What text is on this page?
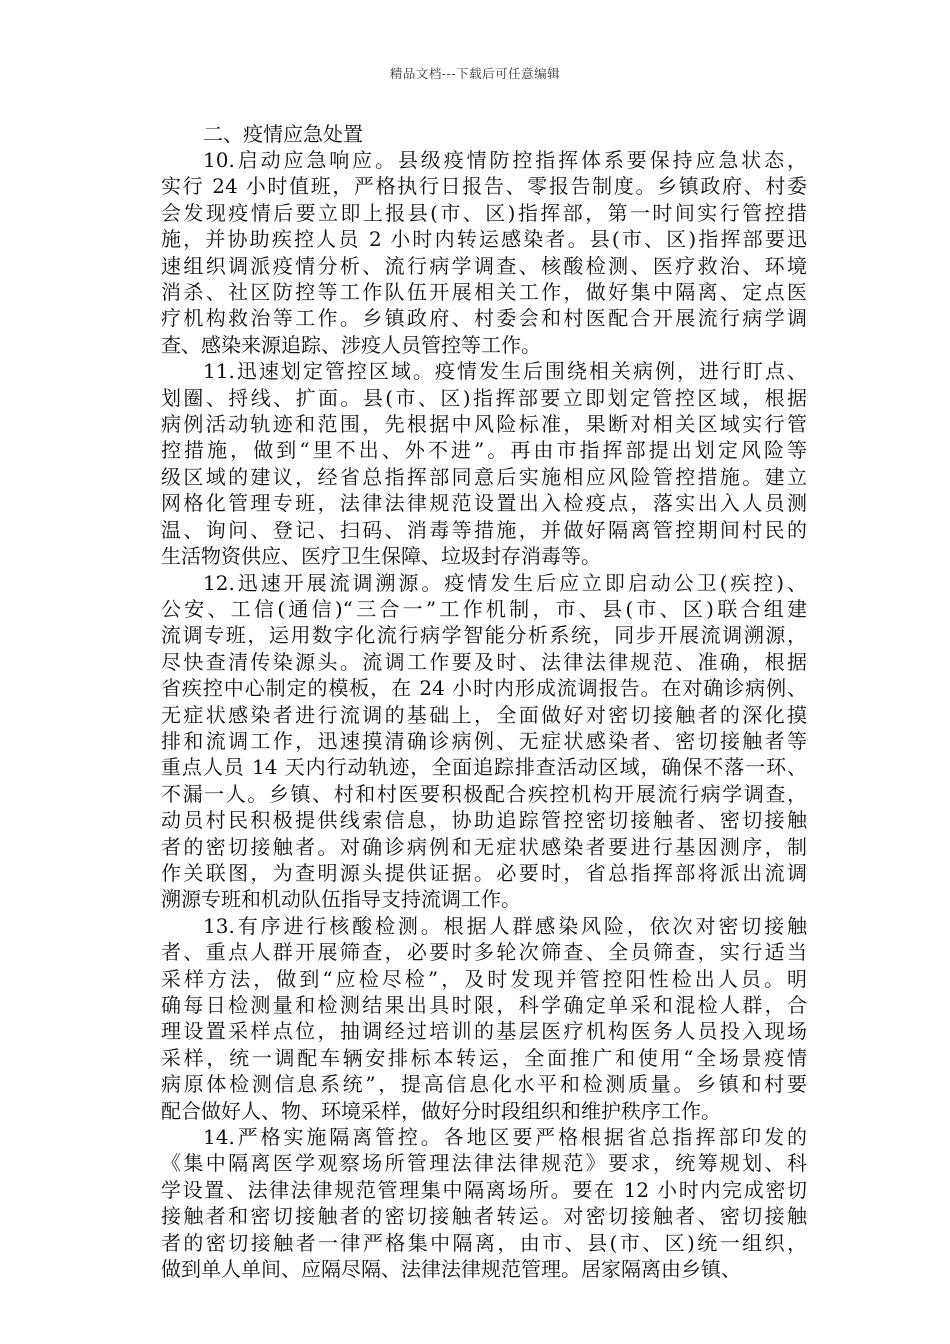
精品文档---下载后可任意编辑
二、疫情应急处置
10.启动应急响应。县级疫情防控指挥体系要保持应急状态，
实行 24 小时值班，严格执行日报告、零报告制度。乡镇政府、村委
会发现疫情后要立即上报县(市、区)指挥部，第一时间实行管控措
施，并协助疾控人员 2 小时内转运感染者。县(市、区)指挥部要迅
速组织调派疫情分析、流行病学调查、核酸检测、医疗救治、环境
消杀、社区防控等工作队伍开展相关工作，做好集中隔离、定点医
疗机构救治等工作。乡镇政府、村委会和村医配合开展流行病学调
查、感染来源追踪、涉疫人员管控等工作。
11.迅速划定管控区域。疫情发生后围绕相关病例，进行盯点、
划圈、捋线、扩面。县(市、区)指挥部要立即划定管控区域，根据
病例活动轨迹和范围，先根据中风险标准，果断对相关区域实行管
控措施，做到“里不出、外不进”。再由市指挥部提出划定风险等
级区域的建议，经省总指挥部同意后实施相应风险管控措施。建立
网格化管理专班，法律法律规范设置出入检疫点，落实出入人员测
温、询问、登记、扫码、消毒等措施，并做好隔离管控期间村民的
生活物资供应、医疗卫生保障、垃圾封存消毒等。
12.迅速开展流调溯源。疫情发生后应立即启动公卫(疾控)、
公安、工信(通信)“三合一”工作机制，市、县(市、区)联合组建
流调专班，运用数字化流行病学智能分析系统，同步开展流调溯源，
尽快查清传染源头。流调工作要及时、法律法律规范、准确，根据
省疾控中心制定的模板，在 24 小时内形成流调报告。在对确诊病例、
无症状感染者进行流调的基础上，全面做好对密切接触者的深化摸
排和流调工作，迅速摸清确诊病例、无症状感染者、密切接触者等
重点人员 14 天内行动轨迹，全面追踪排查活动区域，确保不落一环、
不漏一人。乡镇、村和村医要积极配合疾控机构开展流行病学调查，
动员村民积极提供线索信息，协助追踪管控密切接触者、密切接触
者的密切接触者。对确诊病例和无症状感染者要进行基因测序，制
作关联图，为查明源头提供证据。必要时，省总指挥部将派出流调
溯源专班和机动队伍指导支持流调工作。
13.有序进行核酸检测。根据人群感染风险，依次对密切接触
者、重点人群开展筛查，必要时多轮次筛查、全员筛查，实行适当
采样方法，做到“应检尽检”，及时发现并管控阳性检出人员。明
确每日检测量和检测结果出具时限，科学确定单采和混检人群，合
理设置采样点位，抽调经过培训的基层医疗机构医务人员投入现场
采样，统一调配车辆安排标本转运，全面推广和使用“全场景疫情
病原体检测信息系统”，提高信息化水平和检测质量。乡镇和村要
配合做好人、物、环境采样，做好分时段组织和维护秩序工作。
14.严格实施隔离管控。各地区要严格根据省总指挥部印发的
《集中隔离医学观察场所管理法律法律规范》要求，统筹规划、科
学设置、法律法律规范管理集中隔离场所。要在 12 小时内完成密切
接触者和密切接触者的密切接触者转运。对密切接触者、密切接触
者的密切接触者一律严格集中隔离，由市、县(市、区)统一组织，
做到单人单间、应隔尽隔、法律法律规范管理。居家隔离由乡镇、
